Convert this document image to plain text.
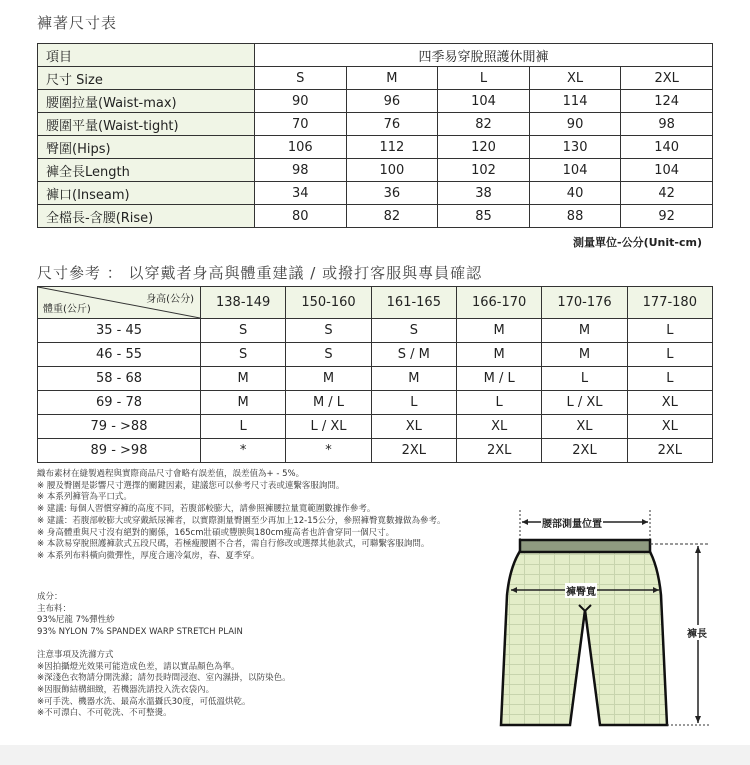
褲著尺寸表
項目	四季易穿脫照護休閒褲				
尺寸 Size	S	M	L	XL	2XL
腰圍拉量(Waist-max)	90	96	104	114	124
腰圍平量(Waist-tight)	70	76	82	90	98
臀圍(Hips)	106	112	120	130	140
褲全長Length	98	100	102	104	104
褲口(Inseam)	34	36	38	40	42
全檔長-含腰(Rise)	80	82	85	88	92
測量單位-公分(Unit-cm)
尺寸參考 ： 以穿戴者身高與體重建議 / 或撥打客服與專員確認
身高(公分)
體重(公斤)	138-149	150-160	161-165	166-170	170-176	177-180
35 - 45	S	S	S	M	M	L
46 - 55	S	S	S / M	M	M	L
58 - 68	M	M	M	M / L	L	L
69 - 78	M	M / L	L	L	L / XL	XL
79 - >88	L	L / XL	XL	XL	XL	XL
89 - >98	*	*	2XL	2XL	2XL	2XL
織布素材在縫製過程與實際商品尺寸會略有誤差值，誤差值為+ - 5%。
※ 腰及臀圍是影響尺寸選擇的關鍵因素，建議您可以參考尺寸表或連繫客服詢問。
※ 本系列褲管為平口式。
※ 建議: 每個人習慣穿褲的高度不同，若腹部較膨大，請參照褲腰拉量寬範圍數據作參考。
※ 建議：若腹部較膨大或穿戴紙尿褲者，以實際測量臀圍至少再加上12-15公分，參照褲臀寬數據做為參考。
※ 身高體重與尺寸沒有絕對的關係，165cm壯碩或豐腴與180cm瘦高者也許會穿同一個尺寸。
※ 本款易穿脫照護褲款式五段尺碼，若極瘦腰圍不合者，需自行修改或選擇其他款式，可聯繫客服詢問。
※ 本系列布料橫向微彈性，厚度合適冷氣房，春、夏季穿。
成分：
主布料：
93%尼龍 7%彈性紗
93% NYLON 7% SPANDEX WARP STRETCH PLAIN
注意事項及洗滌方式
※因拍攝燈光效果可能造成色差，請以實品顏色為準。
※深淺色衣物請分開洗滌；請勿長時間浸泡、室內濕掛，以防染色。
※因服飾結構細緻，若機器洗請投入洗衣袋內。
※可手洗、機器水洗、最高水溫攝氏30度，可低溫烘乾。
※不可漂白、不可乾洗、不可整燙。
腰部測量位置
褲臀寬
褲長
